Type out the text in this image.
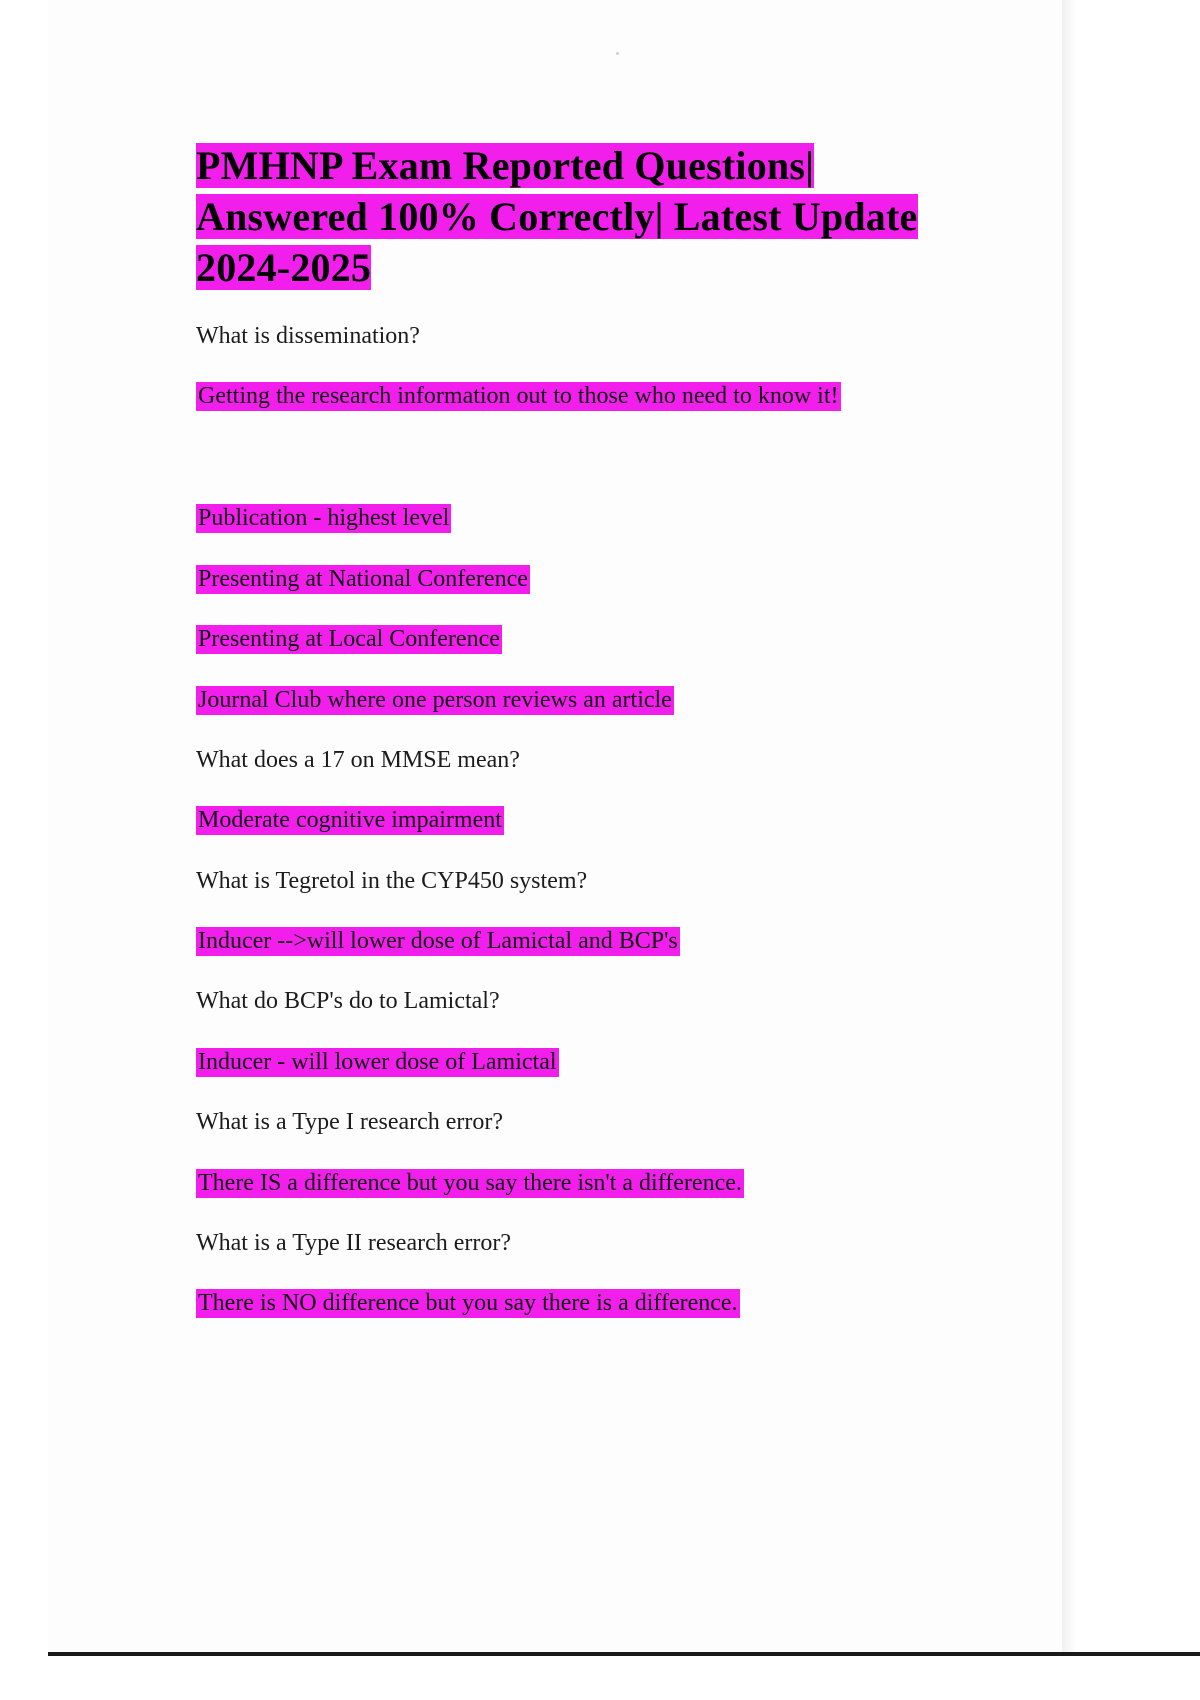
PMHNP Exam Reported Questions|
Answered 100% Correctly| Latest Update
2024-2025

What is dissemination?

Getting the research information out to those who need to know it!

Publication - highest level

Presenting at National Conference

Presenting at Local Conference

Journal Club where one person reviews an article

What does a 17 on MMSE mean?

Moderate cognitive impairment

What is Tegretol in the CYP450 system?

Inducer -->will lower dose of Lamictal and BCP's

What do BCP's do to Lamictal?

Inducer - will lower dose of Lamictal

What is a Type I research error?

There IS a difference but you say there isn't a difference.

What is a Type II research error?

There is NO difference but you say there is a difference.
